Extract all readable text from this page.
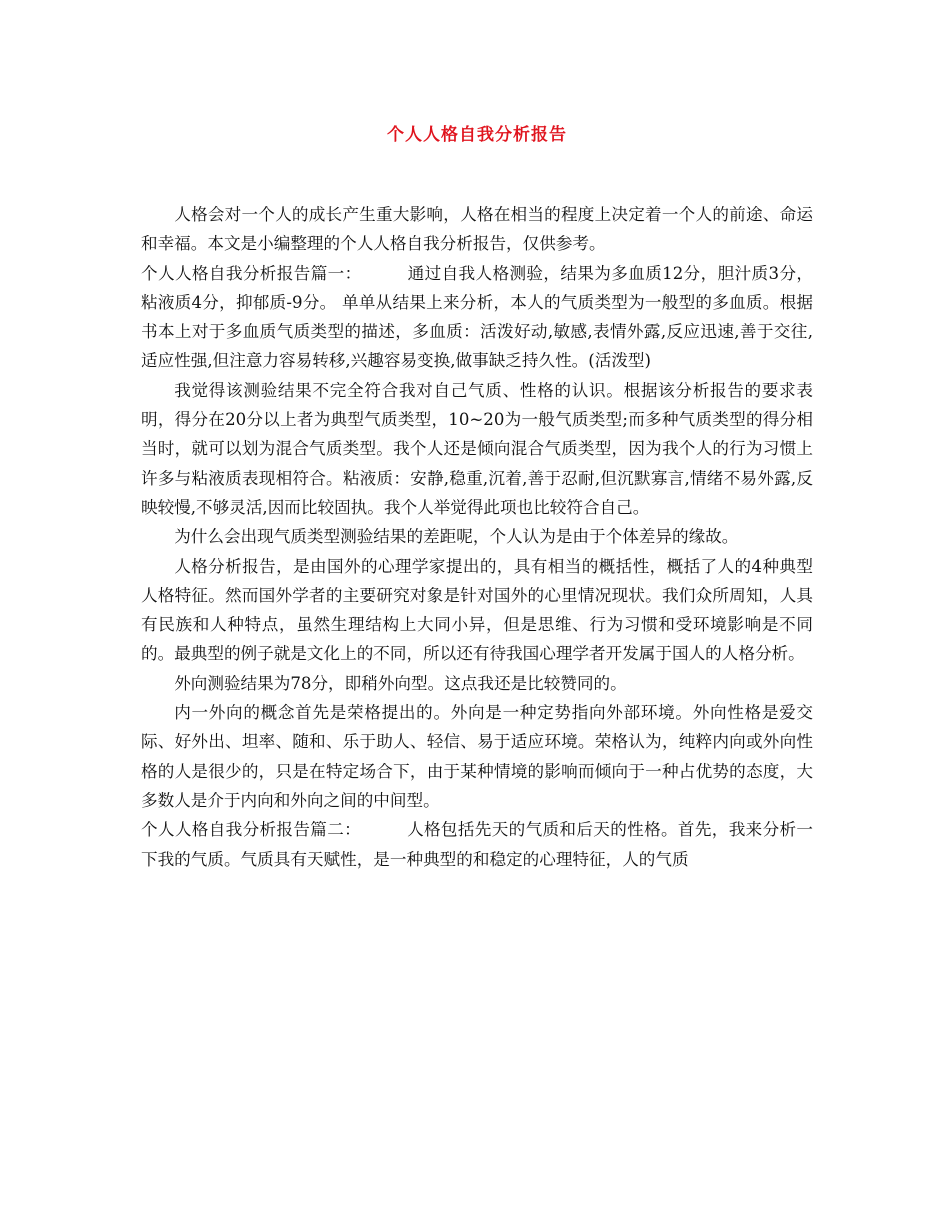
个人人格自我分析报告

人格会对一个人的成长产生重大影响，人格在相当的程度上决定着一个人的前途、命运和幸福。本文是小编整理的个人人格自我分析报告，仅供参考。

个人人格自我分析报告篇一：	通过自我人格测验，结果为多血质12分，胆汁质3分，粘液质4分，抑郁质-9分。 单单从结果上来分析，本人的气质类型为一般型的多血质。根据书本上对于多血质气质类型的描述，多血质：活泼好动,敏感,表情外露,反应迅速,善于交往,适应性强,但注意力容易转移,兴趣容易变换,做事缺乏持久性。(活泼型)

我觉得该测验结果不完全符合我对自己气质、性格的认识。根据该分析报告的要求表明，得分在20分以上者为典型气质类型，10~20为一般气质类型;而多种气质类型的得分相当时，就可以划为混合气质类型。我个人还是倾向混合气质类型，因为我个人的行为习惯上许多与粘液质表现相符合。粘液质：安静,稳重,沉着,善于忍耐,但沉默寡言,情绪不易外露,反映较慢,不够灵活,因而比较固执。我个人举觉得此项也比较符合自己。

为什么会出现气质类型测验结果的差距呢，个人认为是由于个体差异的缘故。

人格分析报告，是由国外的心理学家提出的，具有相当的概括性，概括了人的4种典型人格特征。然而国外学者的主要研究对象是针对国外的心里情况现状。我们众所周知，人具有民族和人种特点，虽然生理结构上大同小异，但是思维、行为习惯和受环境影响是不同的。最典型的例子就是文化上的不同，所以还有待我国心理学者开发属于国人的人格分析。

外向测验结果为78分，即稍外向型。这点我还是比较赞同的。

内一外向的概念首先是荣格提出的。外向是一种定势指向外部环境。外向性格是爱交际、好外出、坦率、随和、乐于助人、轻信、易于适应环境。荣格认为，纯粹内向或外向性格的人是很少的，只是在特定场合下，由于某种情境的影响而倾向于一种占优势的态度，大多数人是介于内向和外向之间的中间型。

个人人格自我分析报告篇二：	人格包括先天的气质和后天的性格。首先，我来分析一下我的气质。气质具有天赋性，是一种典型的和稳定的心理特征，人的气质
